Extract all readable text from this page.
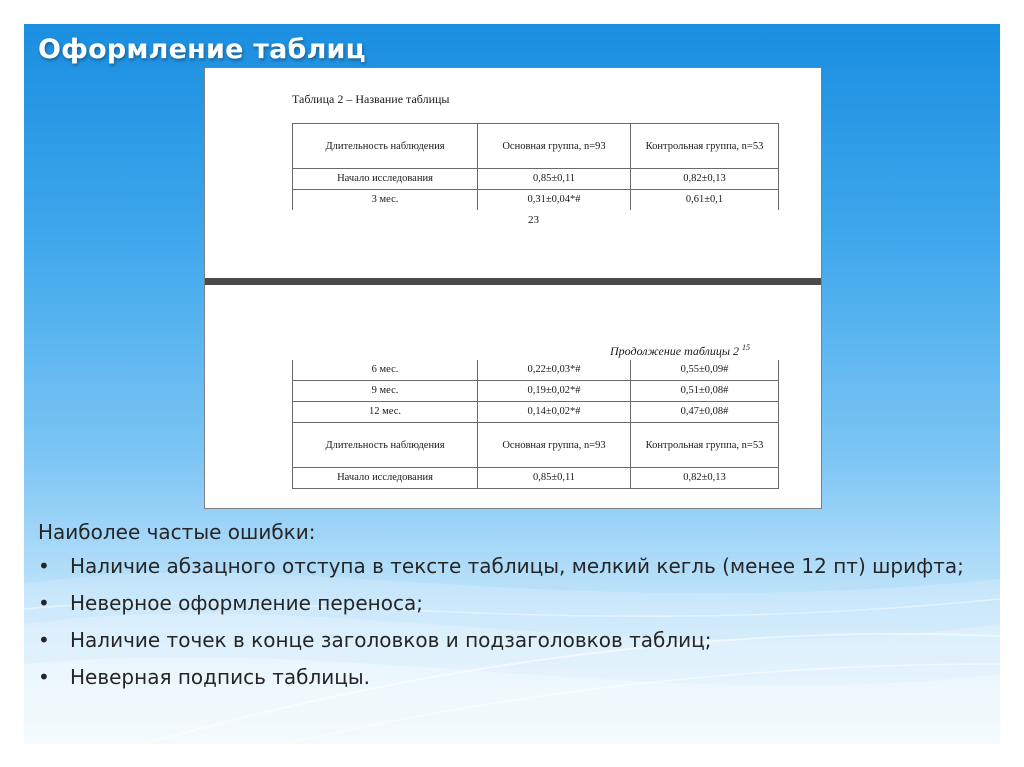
Оформление таблиц
Таблица 2 – Название таблицы
Длительность наблюдения	Основная группа, n=93	Контрольная группа, n=53
Начало исследования	0,85±0,11	0,82±0,13
3 мес.	0,31±0,04*#	0,61±0,1
23
Продолжение таблицы 2 $^{15}$
6 мес.	0,22±0,03*#	0,55±0,09#
9 мес.	0,19±0,02*#	0,51±0,08#
12 мес.	0,14±0,02*#	0,47±0,08#
Длительность наблюдения	Основная группа, n=93	Контрольная группа, n=53
Начало исследования	0,85±0,11	0,82±0,13

Наиболее частые ошибки:

• Наличие абзацного отступа в тексте таблицы, мелкий кегль (менее 12 пт) шрифта;
• Неверное оформление переноса;
• Наличие точек в конце заголовков и подзаголовков таблиц;
• Неверная подпись таблицы.
